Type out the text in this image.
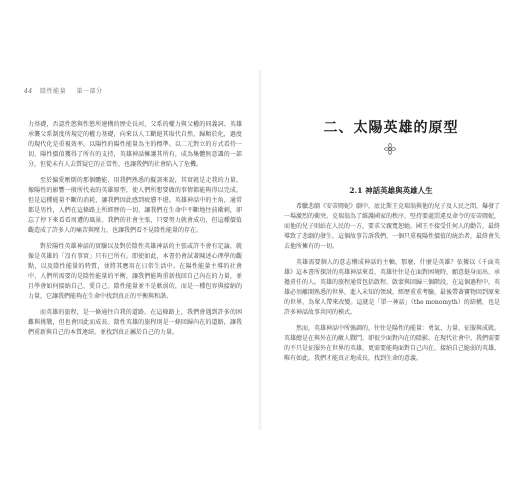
44 陰性能量 第一部分

力基礎，否認性慾與性慾所建構的歷史長河，父系的權力與父權的同義詞。英雄承襲父系制度所規定的權力基礎，向來以人工斷絕其取代自然，歸順於化，過度的現代化是重視效率，以陽性的陽性能量為主的標準。以二元對立的方式看待一切，陽性價值獲得了所有的支持，英雄神話擁護其所有，成為集體無意識的一部分，但從未有人去質疑它的正當性，也讓我們的社會陷入了危機。

至於偏愛壓倒的那個體能，用我們熟悉的擬訓來說，其實就是走我的力量，像陽性的影響一般所代表的英雄原型，使人們所想要做的事情都能夠得以完成，但是這種能量不斷的消耗，讓我們因此感到疲憊不堪。英雄神話中的主角，通常都是男性，人們在這條路上所經歷的一切，讓我們在生命中不斷地往前衝刺，卻忘了停下來看看周遭的風景。我們的社會主張，只要努力就會成功，但這種價值觀造成了許多人的痛苦與壓力，也讓我們看不見陰性能量的存在。

對於陽性英雄神話的實驗以及對於陰性英雄神話的主張或許不會有定論，就像是英雄的「沒有事實」只有已所有。即使如此，本書仍會試著陳述心理學的觀點，以及陰性能量的特質，並將其應用在日常生活中。在陽性能量主導的社會中，人們所需要的是陰性能量的平衡，讓我們能夠重新找回自己內在的力量，並且學會如何接納自己、愛自己。陰性能量並不是軟弱的，而是一種包容與接納的力量，它讓我們能夠在生命中找到真正的平衡與和諧。

而英雄的旅程，是一條通往自我的道路。在這條路上，我們會遇到許多的困難與挑戰，但也會因此而成長。陰性英雄的旅程則是一條回歸內在的道路，讓我們重新與自己的本質連結，並找到真正屬於自己的力量。

二、太陽英雄的原型
2.1 神話英雄與英雄人生

希臘悲劇《安蒂岡妮》劇中，底比斯王克瑞翁與他的兒子及人民之間，爆發了一場激烈的衝突。克瑞翁為了維護國家的秩序，堅持要處罰違反命令的安蒂岡妮，而他的兒子則站在人民的一方，要求父親寬恕她。國王不接受任何人的勸告，最終導致了悲劇的發生。這個故事告訴我們，一個只重視陽性價值的統治者，最終會失去他所擁有的一切。

英雄需要個人的意志構成神話的主軸，那麼，什麼是英雄？依據以《千面英雄》這本書所探討的英雄神話來看，英雄往往是在面對困境時，願意挺身而出、承擔責任的人。英雄的旅程通常包括啟程、啟蒙與回歸三個階段，在這個過程中，英雄必須離開熟悉的世界，進入未知的領域，經歷重重考驗，最後帶著寶物回到原來的世界，為眾人帶來改變。這就是「單一神話」（the monomyth）的結構，也是許多神話故事共同的模式。

然而，英雄神話中所強調的，往往是陽性的能量：勇氣、力量、征服與成就。英雄總是在與外在的敵人戰鬥，卻很少面對內在的陰影。在現代社會中，我們需要的不只是征服外在世界的英雄，更需要能夠面對自己內在、接納自己脆弱的英雄。唯有如此，我們才能真正地成長，找到生命的意義。
